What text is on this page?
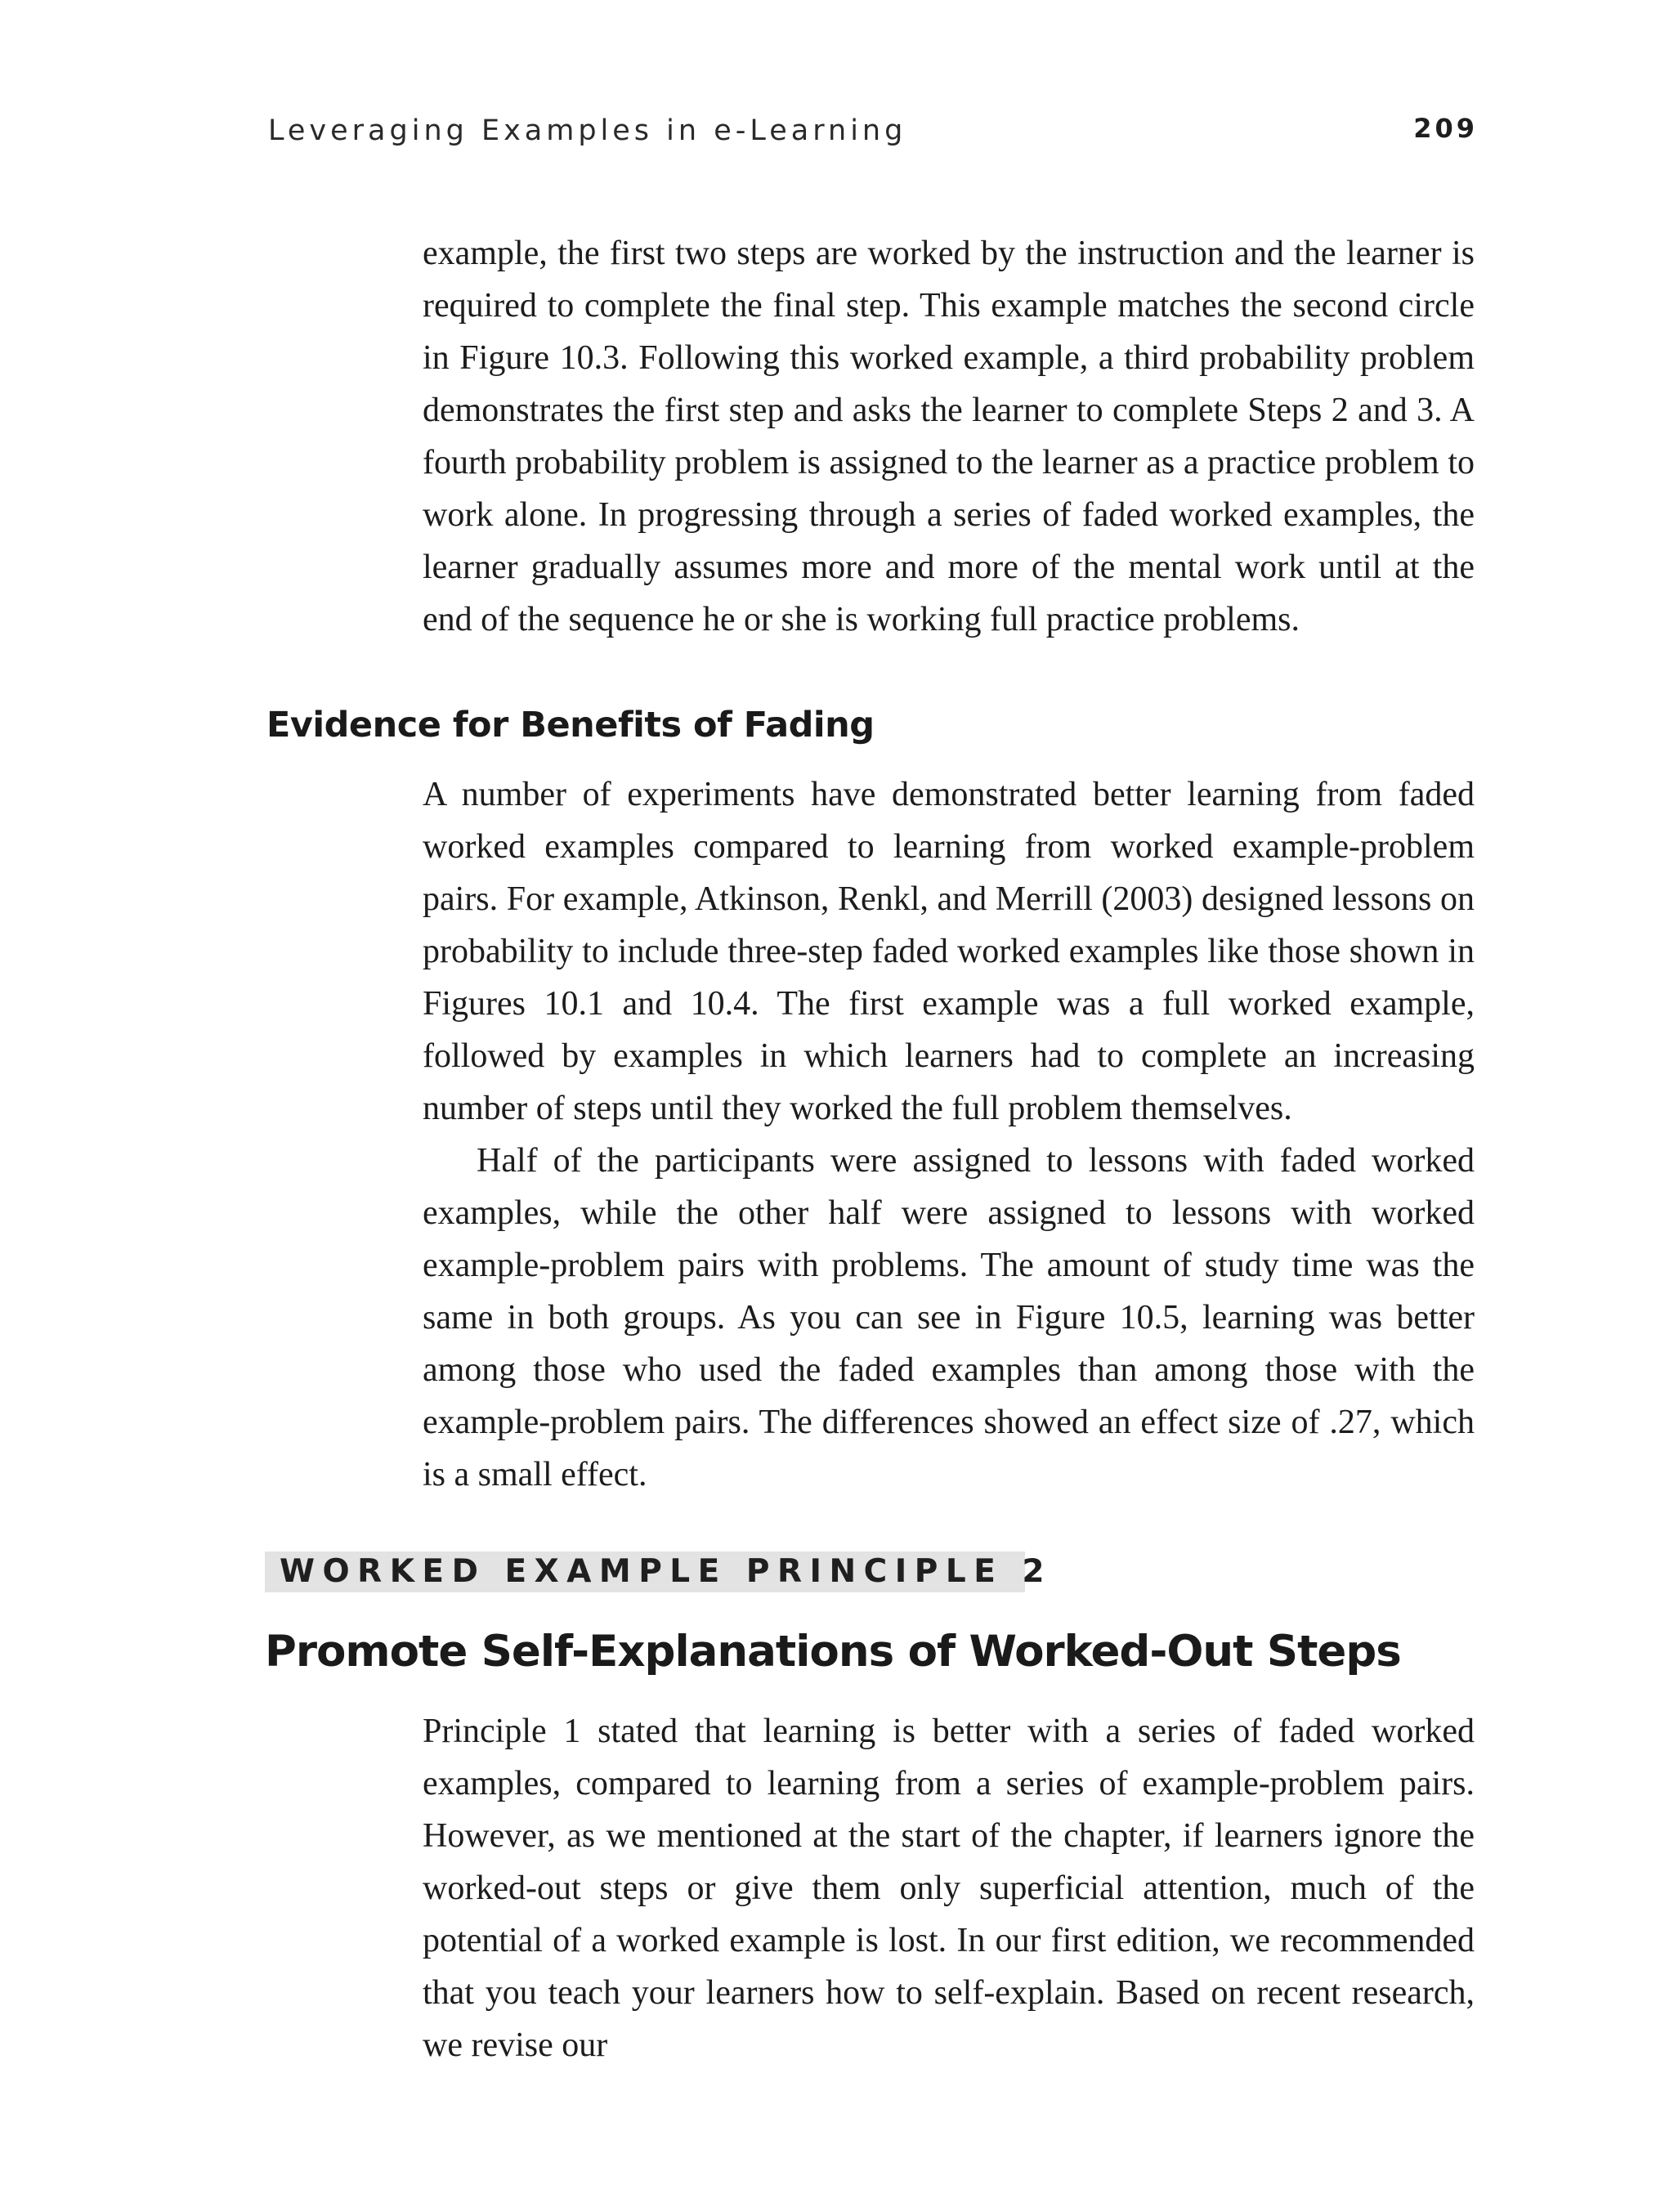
Leveraging Examples in e-Learning	209

example, the first two steps are worked by the instruction and the learner is required to complete the final step. This example matches the second circle in Figure 10.3. Following this worked example, a third probability problem demonstrates the first step and asks the learner to complete Steps 2 and 3. A fourth probability problem is assigned to the learner as a practice problem to work alone. In progressing through a series of faded worked examples, the learner gradually assumes more and more of the mental work until at the end of the sequence he or she is working full practice problems.

Evidence for Benefits of Fading

A number of experiments have demonstrated better learning from faded worked examples compared to learning from worked example-problem pairs. For example, Atkinson, Renkl, and Merrill (2003) designed lessons on probability to include three-step faded worked examples like those shown in Figures 10.1 and 10.4. The first example was a full worked example, followed by examples in which learners had to complete an increasing number of steps until they worked the full problem themselves.

Half of the participants were assigned to lessons with faded worked examples, while the other half were assigned to lessons with worked example-problem pairs with problems. The amount of study time was the same in both groups. As you can see in Figure 10.5, learning was better among those who used the faded examples than among those with the example-problem pairs. The differences showed an effect size of .27, which is a small effect.

WORKED EXAMPLE PRINCIPLE 2
Promote Self-Explanations of Worked-Out Steps

Principle 1 stated that learning is better with a series of faded worked examples, compared to learning from a series of example-problem pairs. However, as we mentioned at the start of the chapter, if learners ignore the worked-out steps or give them only superficial attention, much of the potential of a worked example is lost. In our first edition, we recommended that you teach your learners how to self-explain. Based on recent research, we revise our
